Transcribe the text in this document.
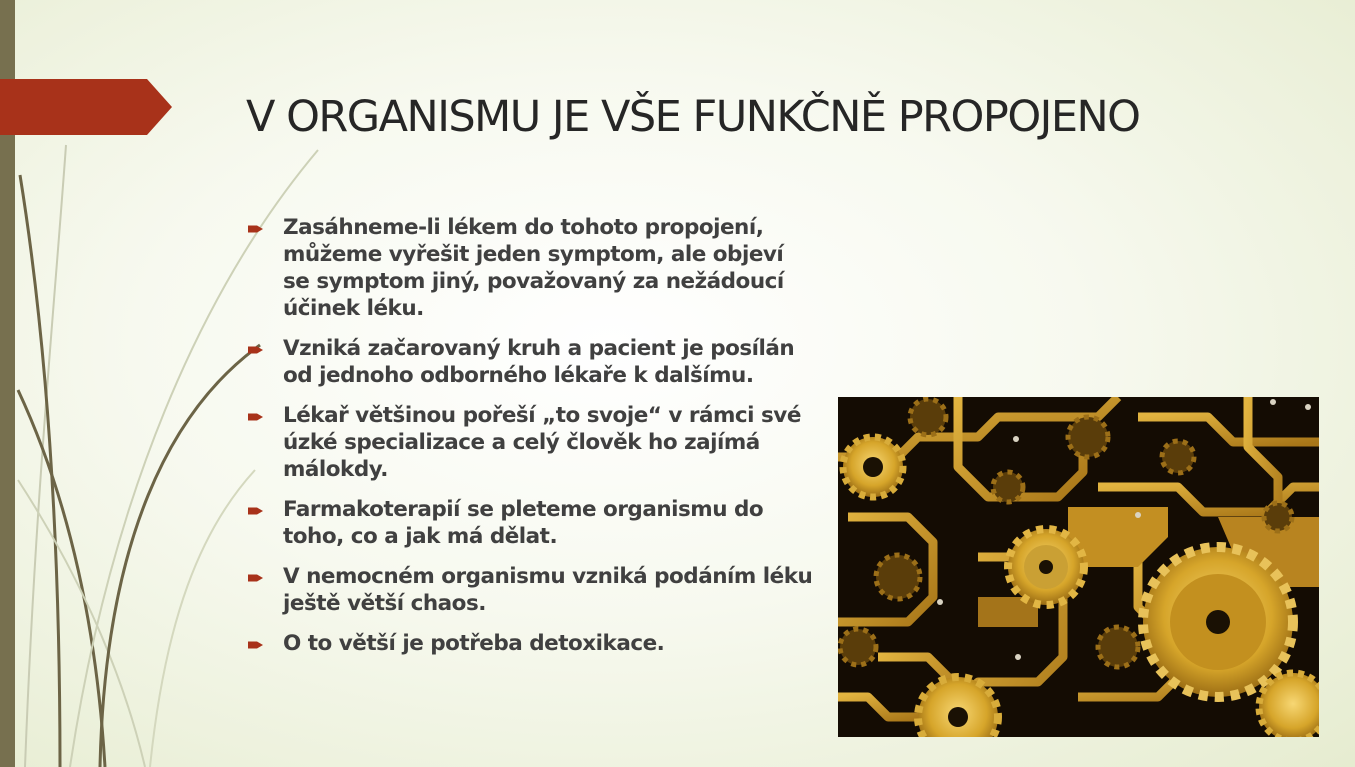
V ORGANISMU JE VŠE FUNKČNĚ PROPOJENO
Zasáhneme-li lékem do tohoto propojení, můžeme vyřešit jeden symptom, ale objeví se symptom jiný, považovaný za nežádoucí účinek léku.
Vzniká začarovaný kruh a pacient je posílán od jednoho odborného lékaře k dalšímu.
Lékař většinou pořeší „to svoje“ v rámci své úzké specializace a celý člověk ho zajímá málokdy.
Farmakoterapií se pleteme organismu do toho, co a jak má dělat.
V nemocném organismu vzniká podáním léku ještě větší chaos.
O to větší je potřeba detoxikace.
